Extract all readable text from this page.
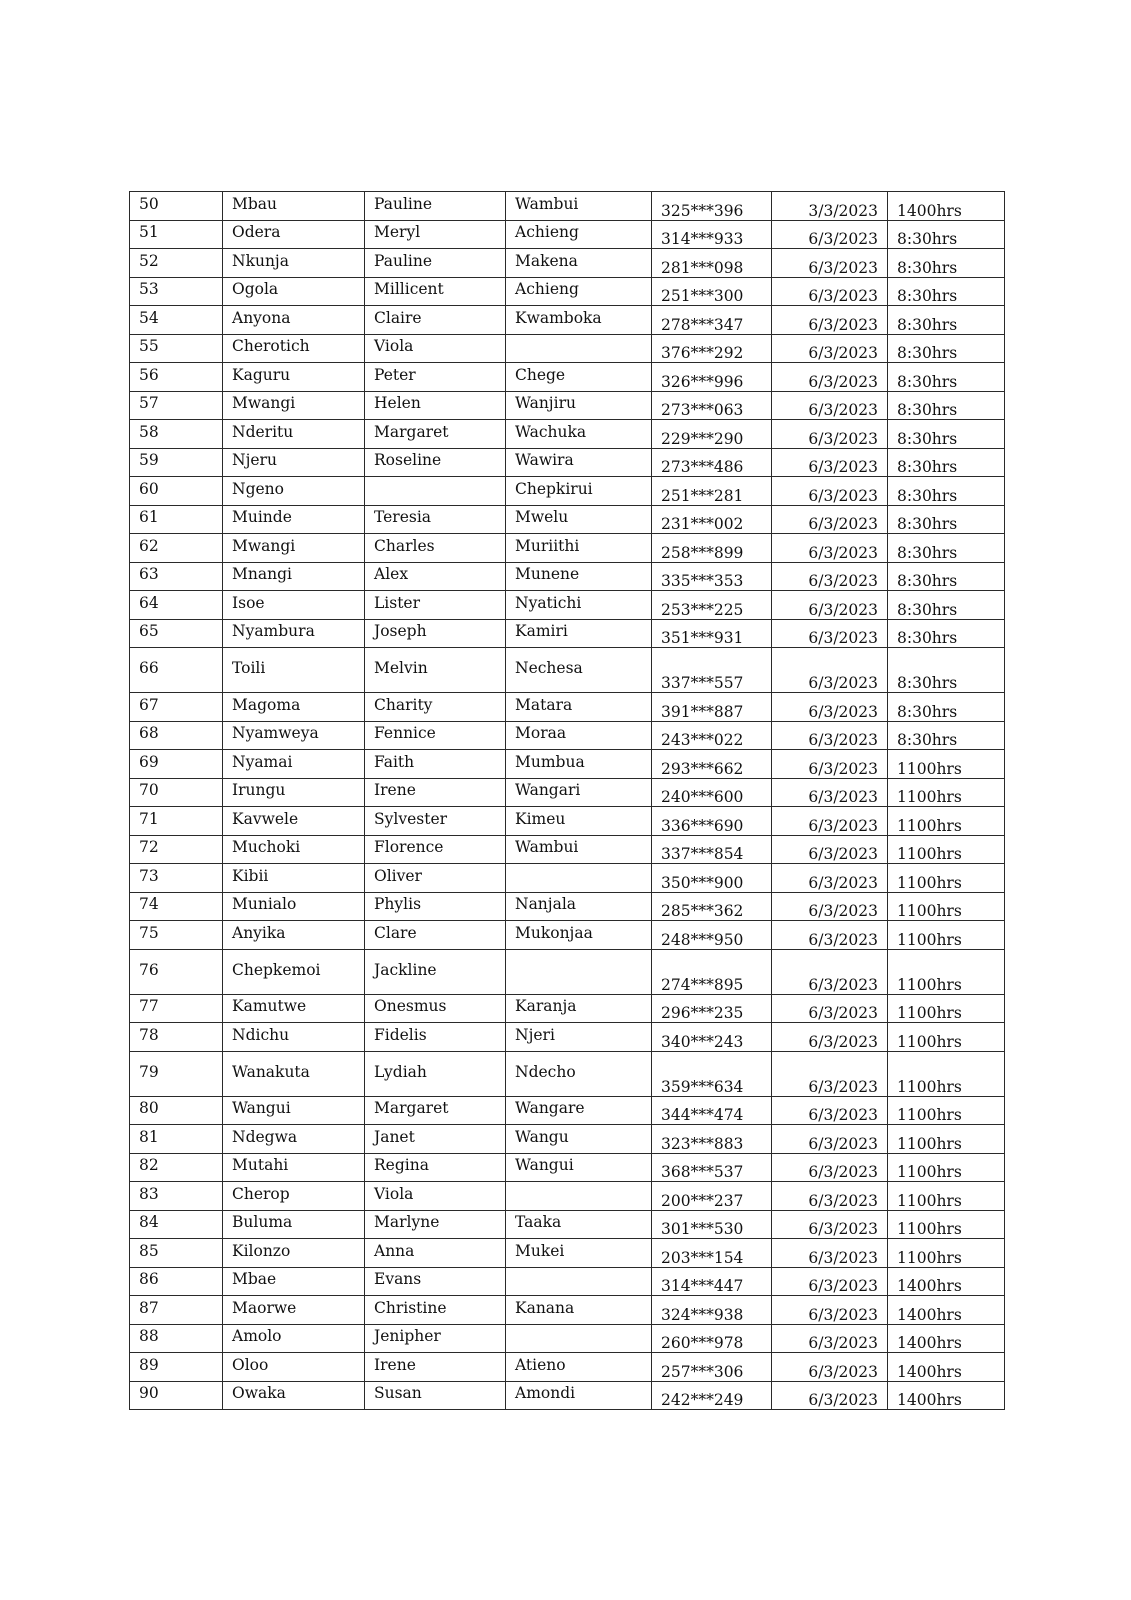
50	Mbau	Pauline	Wambui	325***396	3/3/2023	1400hrs
51	Odera	Meryl	Achieng	314***933	6/3/2023	8:30hrs
52	Nkunja	Pauline	Makena	281***098	6/3/2023	8:30hrs
53	Ogola	Millicent	Achieng	251***300	6/3/2023	8:30hrs
54	Anyona	Claire	Kwamboka	278***347	6/3/2023	8:30hrs
55	Cherotich	Viola		376***292	6/3/2023	8:30hrs
56	Kaguru	Peter	Chege	326***996	6/3/2023	8:30hrs
57	Mwangi	Helen	Wanjiru	273***063	6/3/2023	8:30hrs
58	Nderitu	Margaret	Wachuka	229***290	6/3/2023	8:30hrs
59	Njeru	Roseline	Wawira	273***486	6/3/2023	8:30hrs
60	Ngeno		Chepkirui	251***281	6/3/2023	8:30hrs
61	Muinde	Teresia	Mwelu	231***002	6/3/2023	8:30hrs
62	Mwangi	Charles	Muriithi	258***899	6/3/2023	8:30hrs
63	Mnangi	Alex	Munene	335***353	6/3/2023	8:30hrs
64	Isoe	Lister	Nyatichi	253***225	6/3/2023	8:30hrs
65	Nyambura	Joseph	Kamiri	351***931	6/3/2023	8:30hrs
66	Toili	Melvin	Nechesa	337***557	6/3/2023	8:30hrs
67	Magoma	Charity	Matara	391***887	6/3/2023	8:30hrs
68	Nyamweya	Fennice	Moraa	243***022	6/3/2023	8:30hrs
69	Nyamai	Faith	Mumbua	293***662	6/3/2023	1100hrs
70	Irungu	Irene	Wangari	240***600	6/3/2023	1100hrs
71	Kavwele	Sylvester	Kimeu	336***690	6/3/2023	1100hrs
72	Muchoki	Florence	Wambui	337***854	6/3/2023	1100hrs
73	Kibii	Oliver		350***900	6/3/2023	1100hrs
74	Munialo	Phylis	Nanjala	285***362	6/3/2023	1100hrs
75	Anyika	Clare	Mukonjaa	248***950	6/3/2023	1100hrs
76	Chepkemoi	Jackline		274***895	6/3/2023	1100hrs
77	Kamutwe	Onesmus	Karanja	296***235	6/3/2023	1100hrs
78	Ndichu	Fidelis	Njeri	340***243	6/3/2023	1100hrs
79	Wanakuta	Lydiah	Ndecho	359***634	6/3/2023	1100hrs
80	Wangui	Margaret	Wangare	344***474	6/3/2023	1100hrs
81	Ndegwa	Janet	Wangu	323***883	6/3/2023	1100hrs
82	Mutahi	Regina	Wangui	368***537	6/3/2023	1100hrs
83	Cherop	Viola		200***237	6/3/2023	1100hrs
84	Buluma	Marlyne	Taaka	301***530	6/3/2023	1100hrs
85	Kilonzo	Anna	Mukei	203***154	6/3/2023	1100hrs
86	Mbae	Evans		314***447	6/3/2023	1400hrs
87	Maorwe	Christine	Kanana	324***938	6/3/2023	1400hrs
88	Amolo	Jenipher		260***978	6/3/2023	1400hrs
89	Oloo	Irene	Atieno	257***306	6/3/2023	1400hrs
90	Owaka	Susan	Amondi	242***249	6/3/2023	1400hrs
